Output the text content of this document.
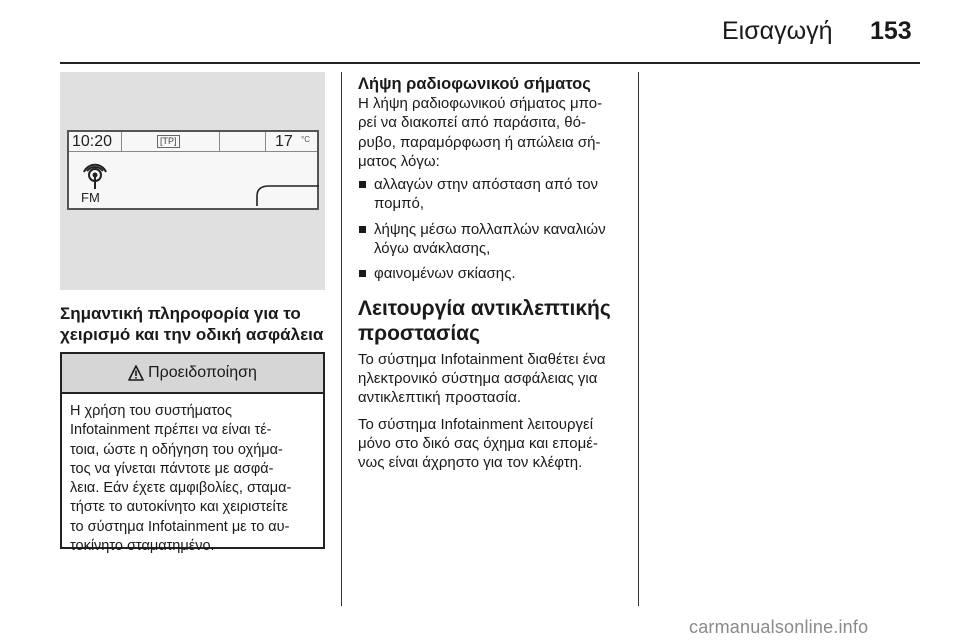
Εισαγωγή 153
10:20	[TP]	17 °C
FM
Σημαντική πληροφορία για το
χειρισμό και την οδική ασφάλεια
Προειδοποίηση
Η χρήση του συστήματος
Infotainment πρέπει να είναι τέ-
τοια, ώστε η οδήγηση του οχήμα-
τος να γίνεται πάντοτε με ασφά-
λεια. Εάν έχετε αμφιβολίες, σταμα-
τήστε το αυτοκίνητο και χειριστείτε
το σύστημα Infotainment με το αυ-
τοκίνητο σταματημένο.
Λήψη ραδιοφωνικού σήματος
Η λήψη ραδιοφωνικού σήματος μπο-
ρεί να διακοπεί από παράσιτα, θό-
ρυβο, παραμόρφωση ή απώλεια σή-
ματος λόγω:
αλλαγών στην απόσταση από τον
πομπό,
λήψης μέσω πολλαπλών καναλιών
λόγω ανάκλασης,
φαινομένων σκίασης.
Λειτουργία αντικλεπτικής
προστασίας
Το σύστημα Infotainment διαθέτει ένα
ηλεκτρονικό σύστημα ασφάλειας για
αντικλεπτική προστασία.
Το σύστημα Infotainment λειτουργεί
μόνο στο δικό σας όχημα και επομέ-
νως είναι άχρηστο για τον κλέφτη.
carmanualsonline.info
